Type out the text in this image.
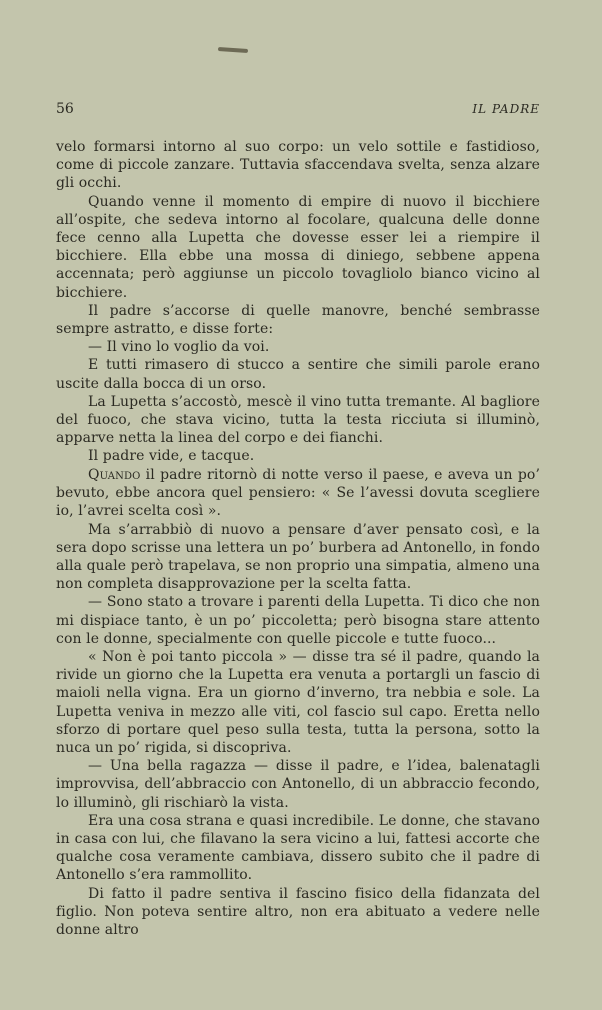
56	IL PADRE

velo formarsi intorno al suo corpo: un velo sottile e fastidioso, come di piccole zanzare. Tuttavia sfaccendava svelta, senza alzare gli occhi.

Quando venne il momento di empire di nuovo il bicchiere all’ospite, che sedeva intorno al focolare, qualcuna delle donne fece cenno alla Lupetta che dovesse esser lei a riempire il bicchiere. Ella ebbe una mossa di diniego, sebbene appena accennata; però aggiunse un piccolo tovagliolo bianco vicino al bicchiere.

Il padre s’accorse di quelle manovre, benché sembrasse sempre astratto, e disse forte:

— Il vino lo voglio da voi.

E tutti rimasero di stucco a sentire che simili parole erano uscite dalla bocca di un orso.

La Lupetta s’accostò, mescè il vino tutta tremante. Al bagliore del fuoco, che stava vicino, tutta la testa ricciuta si illuminò, apparve netta la linea del corpo e dei fianchi.

Il padre vide, e tacque.

Quando il padre ritornò di notte verso il paese, e aveva un po’ bevuto, ebbe ancora quel pensiero: « Se l’avessi dovuta scegliere io, l’avrei scelta così ».

Ma s’arrabbiò di nuovo a pensare d’aver pensato così, e la sera dopo scrisse una lettera un po’ burbera ad Antonello, in fondo alla quale però trapelava, se non proprio una simpatia, almeno una non completa disapprovazione per la scelta fatta.

— Sono stato a trovare i parenti della Lupetta. Ti dico che non mi dispiace tanto, è un po’ piccoletta; però bisogna stare attento con le donne, specialmente con quelle piccole e tutte fuoco...

« Non è poi tanto piccola » — disse tra sé il padre, quando la rivide un giorno che la Lupetta era venuta a portargli un fascio di maioli nella vigna. Era un giorno d’inverno, tra nebbia e sole. La Lupetta veniva in mezzo alle viti, col fascio sul capo. Eretta nello sforzo di portare quel peso sulla testa, tutta la persona, sotto la nuca un po’ rigida, si discopriva.

— Una bella ragazza — disse il padre, e l’idea, balenatagli improvvisa, dell’abbraccio con Antonello, di un abbraccio fecondo, lo illuminò, gli rischiarò la vista.

Era una cosa strana e quasi incredibile. Le donne, che stavano in casa con lui, che filavano la sera vicino a lui, fattesi accorte che qualche cosa veramente cambiava, dissero subito che il padre di Antonello s’era rammollito.

Di fatto il padre sentiva il fascino fisico della fidanzata del figlio. Non poteva sentire altro, non era abituato a vedere nelle donne altro
